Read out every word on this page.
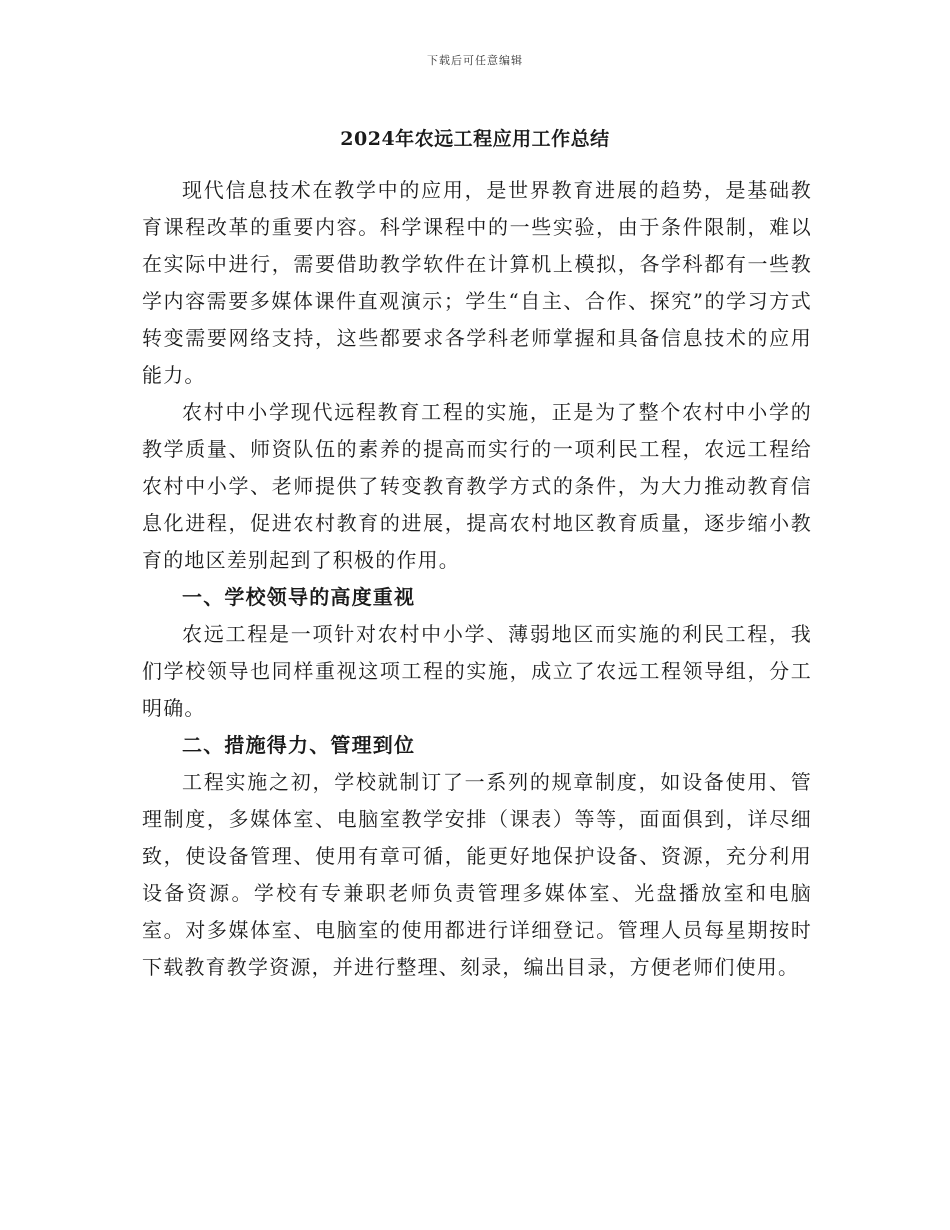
下载后可任意编辑
2024年农远工程应用工作总结

现代信息技术在教学中的应用，是世界教育进展的趋势，是基础教育课程改革的重要内容。科学课程中的一些实验，由于条件限制，难以在实际中进行，需要借助教学软件在计算机上模拟，各学科都有一些教学内容需要多媒体课件直观演示；学生“自主、合作、探究”的学习方式转变需要网络支持，这些都要求各学科老师掌握和具备信息技术的应用能力。

农村中小学现代远程教育工程的实施，正是为了整个农村中小学的教学质量、师资队伍的素养的提高而实行的一项利民工程，农远工程给农村中小学、老师提供了转变教育教学方式的条件，为大力推动教育信息化进程，促进农村教育的进展，提高农村地区教育质量，逐步缩小教育的地区差别起到了积极的作用。

一、学校领导的高度重视

农远工程是一项针对农村中小学、薄弱地区而实施的利民工程，我们学校领导也同样重视这项工程的实施，成立了农远工程领导组，分工明确。

二、措施得力、管理到位

工程实施之初，学校就制订了一系列的规章制度，如设备使用、管理制度，多媒体室、电脑室教学安排（课表）等等，面面俱到，详尽细致，使设备管理、使用有章可循，能更好地保护设备、资源，充分利用设备资源。学校有专兼职老师负责管理多媒体室、光盘播放室和电脑室。对多媒体室、电脑室的使用都进行详细登记。管理人员每星期按时下载教育教学资源，并进行整理、刻录，编出目录，方便老师们使用。
